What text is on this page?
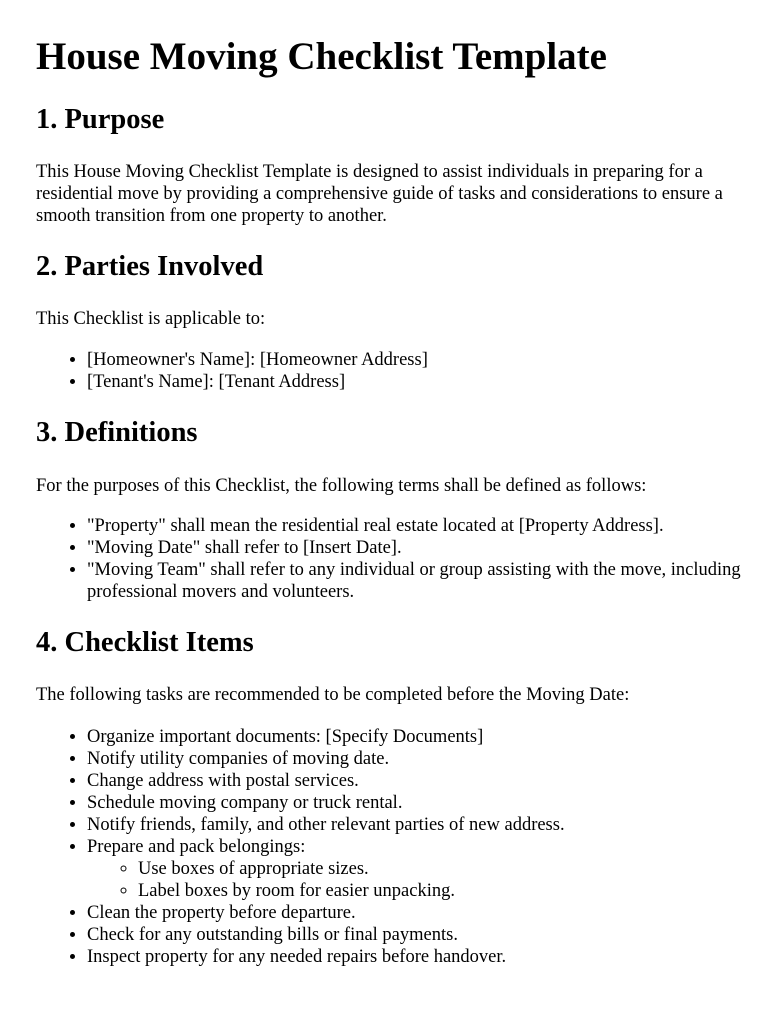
House Moving Checklist Template
1. Purpose

This House Moving Checklist Template is designed to assist individuals in preparing for a residential move by providing a comprehensive guide of tasks and considerations to ensure a smooth transition from one property to another.

2. Parties Involved

This Checklist is applicable to:

• [Homeowner's Name]: [Homeowner Address]
• [Tenant's Name]: [Tenant Address]
3. Definitions

For the purposes of this Checklist, the following terms shall be defined as follows:

• "Property" shall mean the residential real estate located at [Property Address].
• "Moving Date" shall refer to [Insert Date].
• "Moving Team" shall refer to any individual or group assisting with the move, including professional movers and volunteers.
4. Checklist Items

The following tasks are recommended to be completed before the Moving Date:

• Organize important documents: [Specify Documents]
• Notify utility companies of moving date.
• Change address with postal services.
• Schedule moving company or truck rental.
• Notify friends, family, and other relevant parties of new address.
• Prepare and pack belongings:
◦ Use boxes of appropriate sizes.
◦ Label boxes by room for easier unpacking.
• Clean the property before departure.
• Check for any outstanding bills or final payments.
• Inspect property for any needed repairs before handover.
